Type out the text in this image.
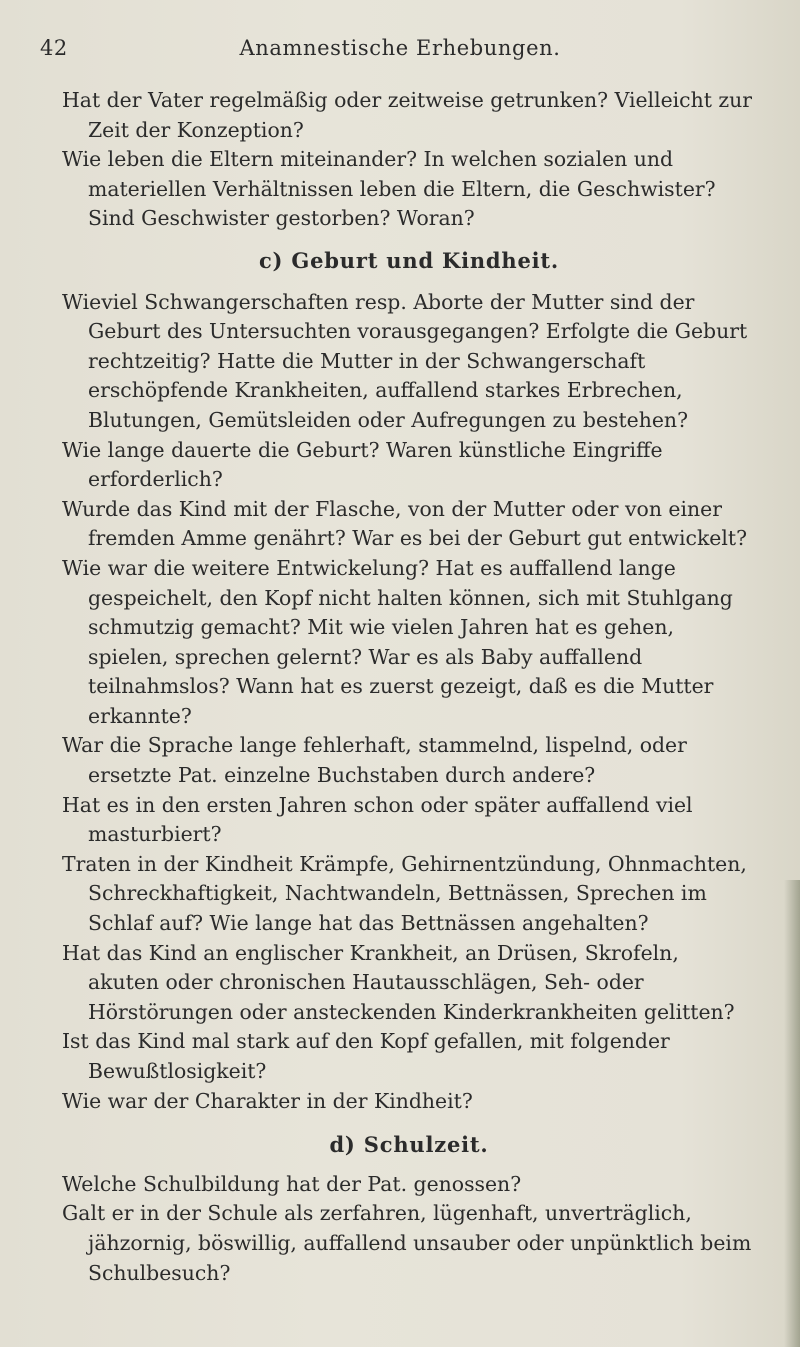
42	Anamnestische Erhebungen.

Hat der Vater regelmäßig oder zeitweise getrunken? Vielleicht zur Zeit der Konzeption?

Wie leben die Eltern miteinander? In welchen sozialen und materiellen Verhältnissen leben die Eltern, die Geschwister? Sind Geschwister gestorben? Woran?

c) Geburt und Kindheit.

Wieviel Schwangerschaften resp. Aborte der Mutter sind der Geburt des Untersuchten vorausgegangen? Erfolgte die Geburt rechtzeitig? Hatte die Mutter in der Schwangerschaft erschöpfende Krankheiten, auffallend starkes Erbrechen, Blutungen, Gemütsleiden oder Aufregungen zu bestehen?

Wie lange dauerte die Geburt? Waren künstliche Eingriffe erforderlich?

Wurde das Kind mit der Flasche, von der Mutter oder von einer fremden Amme genährt? War es bei der Geburt gut entwickelt?

Wie war die weitere Entwickelung? Hat es auffallend lange gespeichelt, den Kopf nicht halten können, sich mit Stuhlgang schmutzig gemacht? Mit wie vielen Jahren hat es gehen, spielen, sprechen gelernt? War es als Baby auffallend teilnahmslos? Wann hat es zuerst gezeigt, daß es die Mutter erkannte?

War die Sprache lange fehlerhaft, stammelnd, lispelnd, oder ersetzte Pat. einzelne Buchstaben durch andere?

Hat es in den ersten Jahren schon oder später auffallend viel masturbiert?

Traten in der Kindheit Krämpfe, Gehirnentzündung, Ohnmachten, Schreckhaftigkeit, Nachtwandeln, Bettnässen, Sprechen im Schlaf auf? Wie lange hat das Bettnässen angehalten?

Hat das Kind an englischer Krankheit, an Drüsen, Skrofeln, akuten oder chronischen Hautausschlägen, Seh- oder Hörstörungen oder ansteckenden Kinderkrankheiten gelitten?

Ist das Kind mal stark auf den Kopf gefallen, mit folgender Bewußtlosigkeit?

Wie war der Charakter in der Kindheit?

d) Schulzeit.

Welche Schulbildung hat der Pat. genossen?

Galt er in der Schule als zerfahren, lügenhaft, unverträglich, jähzornig, böswillig, auffallend unsauber oder unpünktlich beim Schulbesuch?
